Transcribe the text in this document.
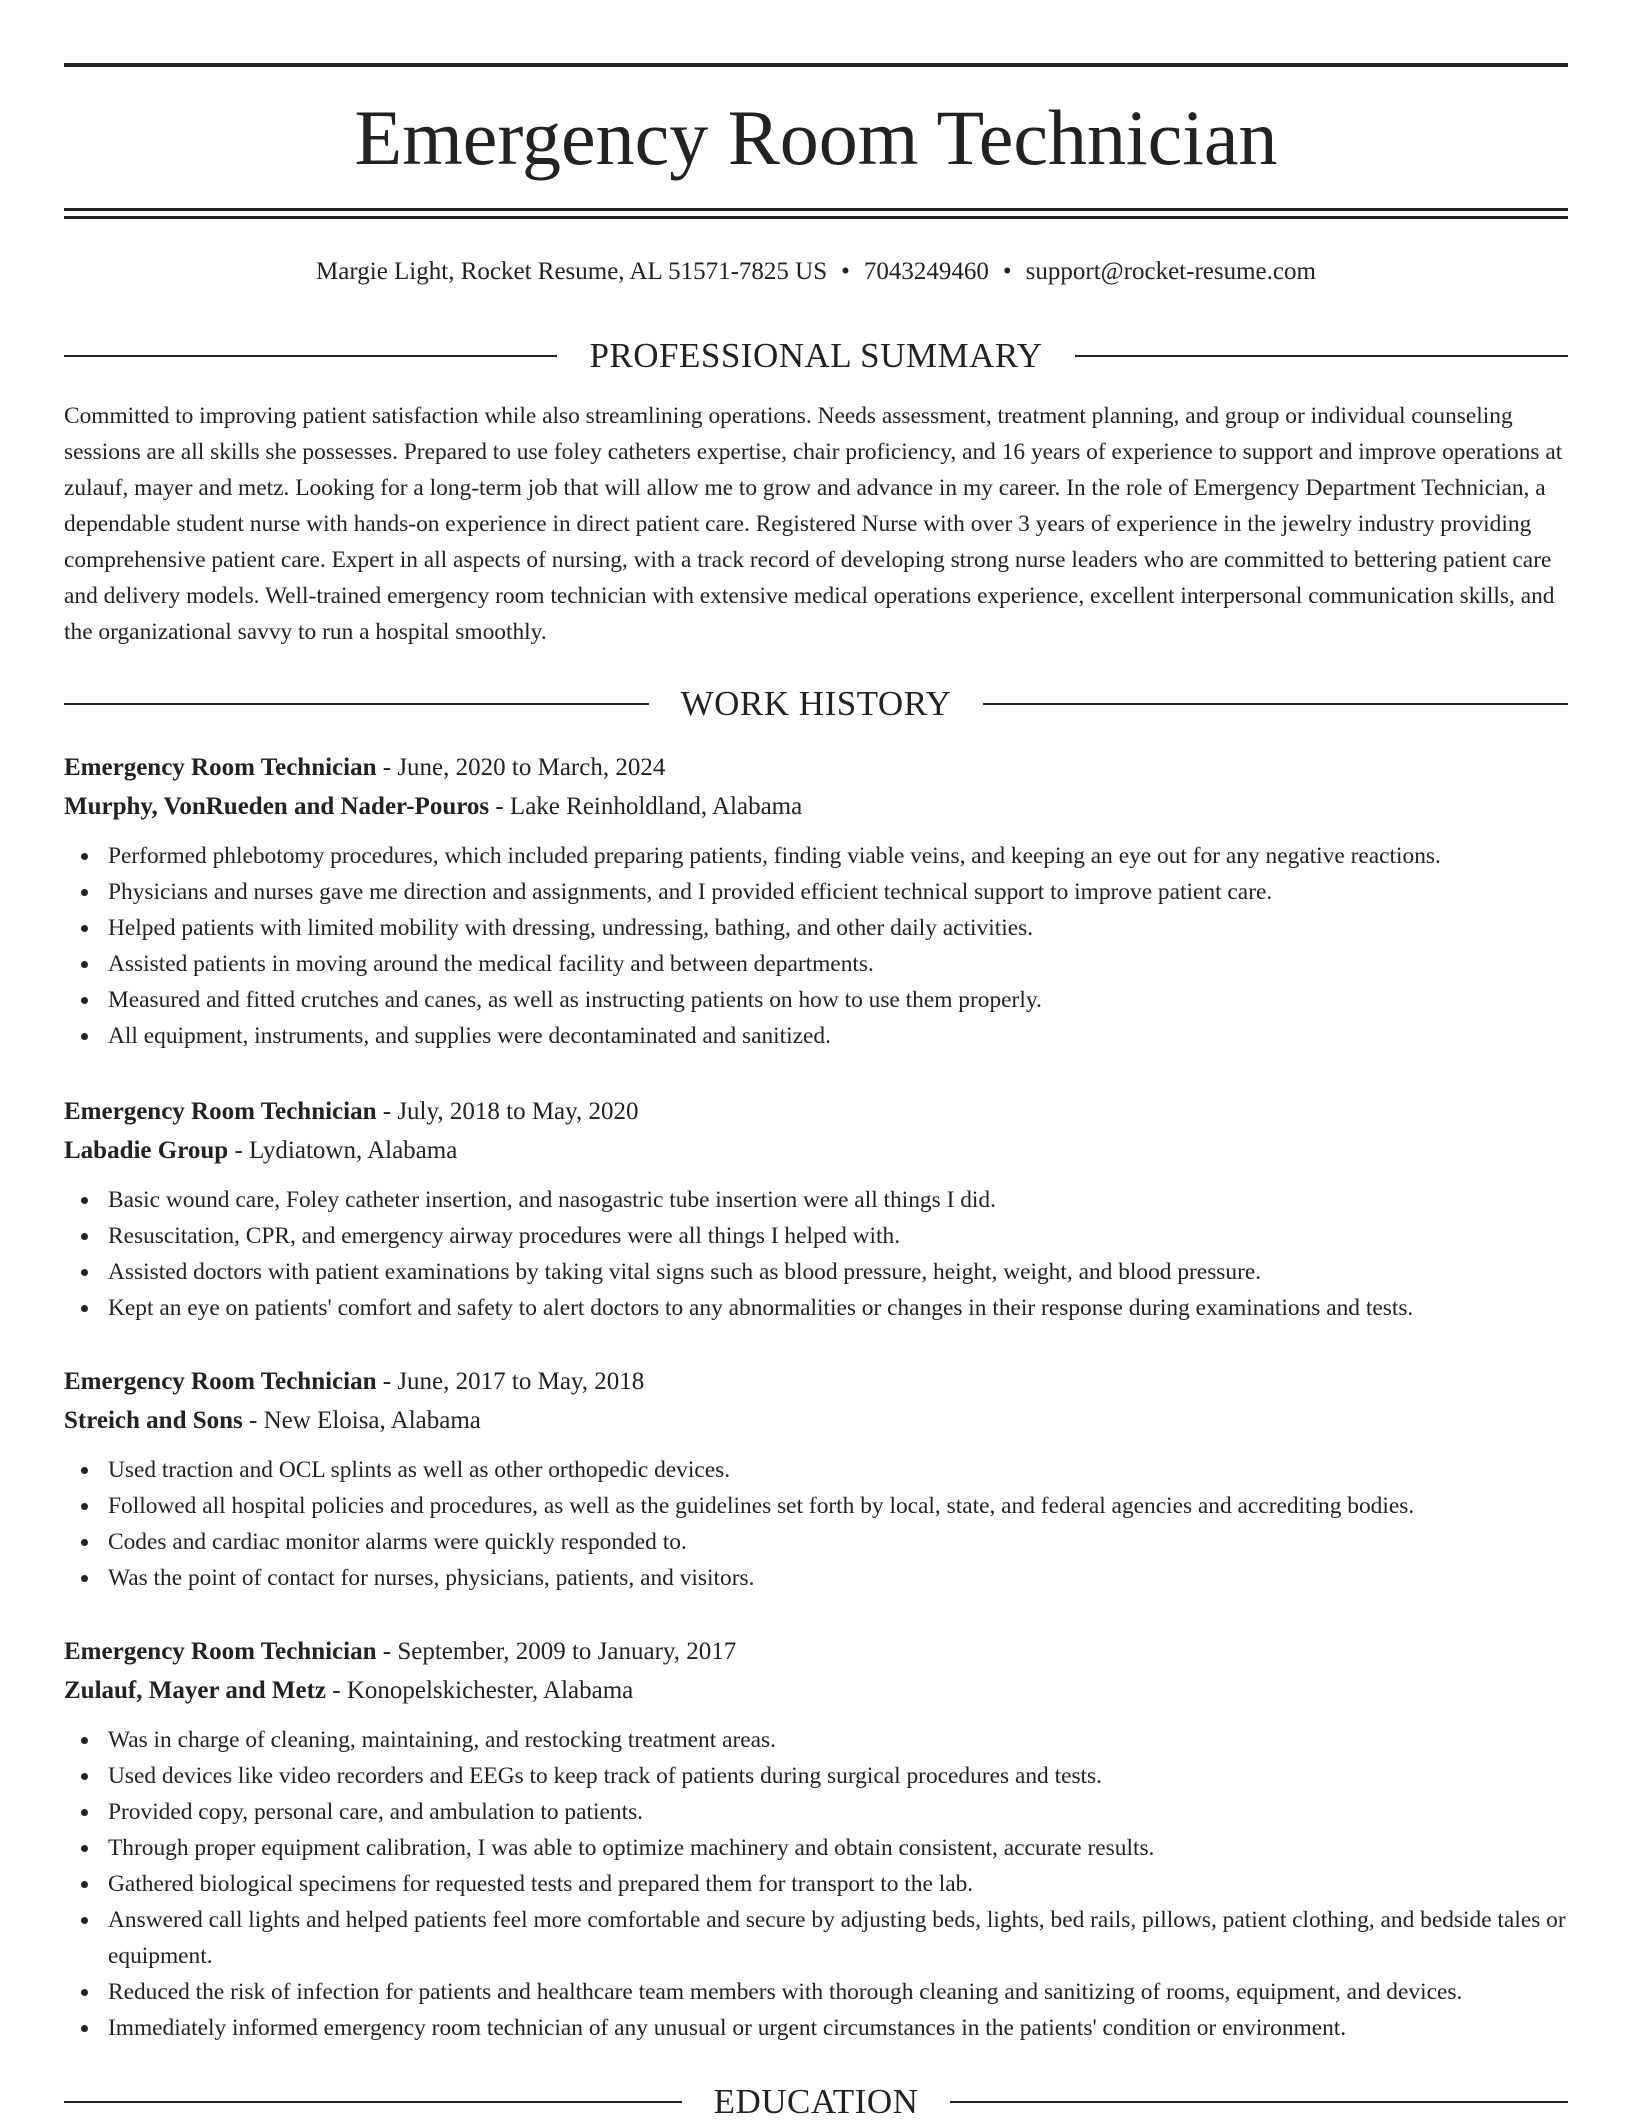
Emergency Room Technician
Margie Light, Rocket Resume, AL 51571-7825 US • 7043249460 • support@rocket-resume.com
PROFESSIONAL SUMMARY

Committed to improving patient satisfaction while also streamlining operations. Needs assessment, treatment planning, and group or individual counseling sessions are all skills she possesses. Prepared to use foley catheters expertise, chair proficiency, and 16 years of experience to support and improve operations at zulauf, mayer and metz. Looking for a long-term job that will allow me to grow and advance in my career. In the role of Emergency Department Technician, a dependable student nurse with hands-on experience in direct patient care. Registered Nurse with over 3 years of experience in the jewelry industry providing comprehensive patient care. Expert in all aspects of nursing, with a track record of developing strong nurse leaders who are committed to bettering patient care and delivery models. Well-trained emergency room technician with extensive medical operations experience, excellent interpersonal communication skills, and the organizational savvy to run a hospital smoothly.

WORK HISTORY
Emergency Room Technician - June, 2020 to March, 2024
Murphy, VonRueden and Nader-Pouros - Lake Reinholdland, Alabama
Performed phlebotomy procedures, which included preparing patients, finding viable veins, and keeping an eye out for any negative reactions.
Physicians and nurses gave me direction and assignments, and I provided efficient technical support to improve patient care.
Helped patients with limited mobility with dressing, undressing, bathing, and other daily activities.
Assisted patients in moving around the medical facility and between departments.
Measured and fitted crutches and canes, as well as instructing patients on how to use them properly.
All equipment, instruments, and supplies were decontaminated and sanitized.
Emergency Room Technician - July, 2018 to May, 2020
Labadie Group - Lydiatown, Alabama
Basic wound care, Foley catheter insertion, and nasogastric tube insertion were all things I did.
Resuscitation, CPR, and emergency airway procedures were all things I helped with.
Assisted doctors with patient examinations by taking vital signs such as blood pressure, height, weight, and blood pressure.
Kept an eye on patients' comfort and safety to alert doctors to any abnormalities or changes in their response during examinations and tests.
Emergency Room Technician - June, 2017 to May, 2018
Streich and Sons - New Eloisa, Alabama
Used traction and OCL splints as well as other orthopedic devices.
Followed all hospital policies and procedures, as well as the guidelines set forth by local, state, and federal agencies and accrediting bodies.
Codes and cardiac monitor alarms were quickly responded to.
Was the point of contact for nurses, physicians, patients, and visitors.
Emergency Room Technician - September, 2009 to January, 2017
Zulauf, Mayer and Metz - Konopelskichester, Alabama
Was in charge of cleaning, maintaining, and restocking treatment areas.
Used devices like video recorders and EEGs to keep track of patients during surgical procedures and tests.
Provided copy, personal care, and ambulation to patients.
Through proper equipment calibration, I was able to optimize machinery and obtain consistent, accurate results.
Gathered biological specimens for requested tests and prepared them for transport to the lab.
Answered call lights and helped patients feel more comfortable and secure by adjusting beds, lights, bed rails, pillows, patient clothing, and bedside tales or equipment.
Reduced the risk of infection for patients and healthcare team members with thorough cleaning and sanitizing of rooms, equipment, and devices.
Immediately informed emergency room technician of any unusual or urgent circumstances in the patients' condition or environment.
EDUCATION
